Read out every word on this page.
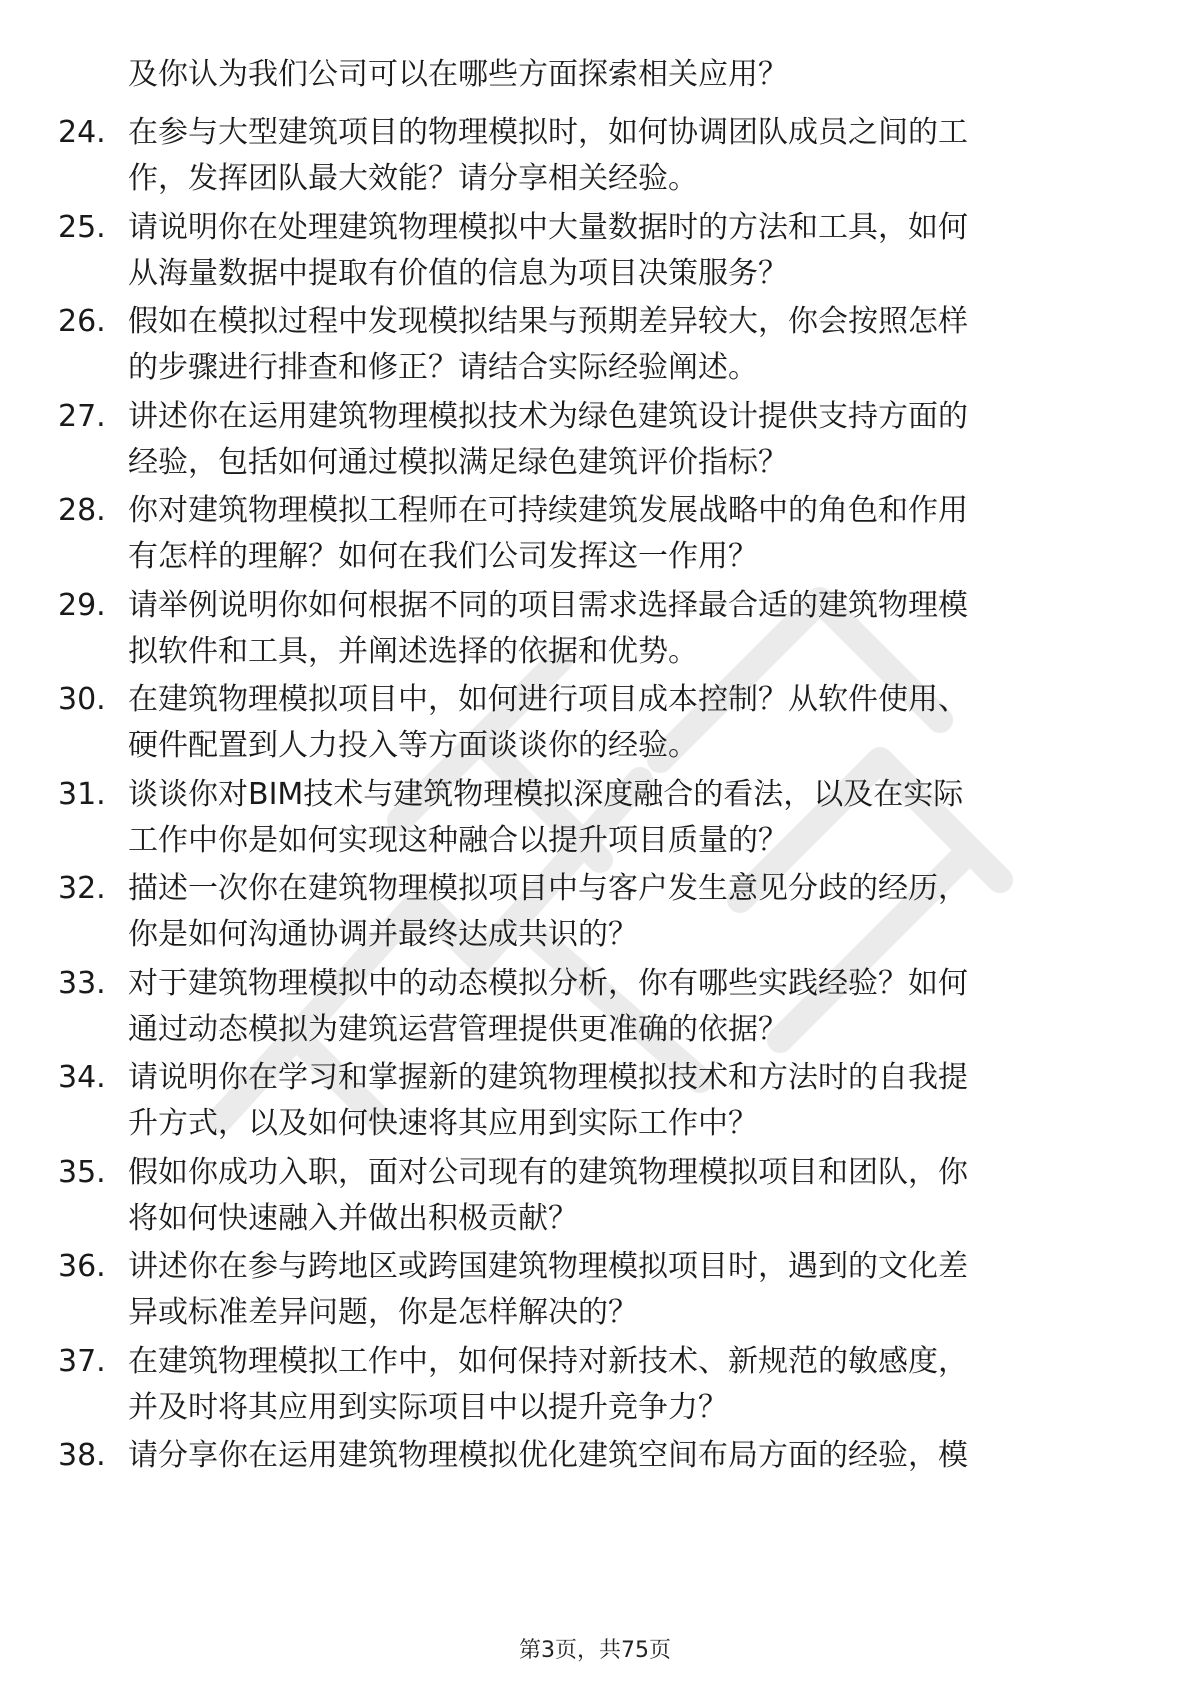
及你认为我们公司可以在哪些方面探索相关应用？
24. 在参与大型建筑项目的物理模拟时，如何协调团队成员之间的工
作，发挥团队最大效能？请分享相关经验。
25. 请说明你在处理建筑物理模拟中大量数据时的方法和工具，如何
从海量数据中提取有价值的信息为项目决策服务？
26. 假如在模拟过程中发现模拟结果与预期差异较大，你会按照怎样
的步骤进行排查和修正？请结合实际经验阐述。
27. 讲述你在运用建筑物理模拟技术为绿色建筑设计提供支持方面的
经验，包括如何通过模拟满足绿色建筑评价指标？
28. 你对建筑物理模拟工程师在可持续建筑发展战略中的角色和作用
有怎样的理解？如何在我们公司发挥这一作用？
29. 请举例说明你如何根据不同的项目需求选择最合适的建筑物理模
拟软件和工具，并阐述选择的依据和优势。
30. 在建筑物理模拟项目中，如何进行项目成本控制？从软件使用、
硬件配置到人力投入等方面谈谈你的经验。
31. 谈谈你对BIM技术与建筑物理模拟深度融合的看法，以及在实际
工作中你是如何实现这种融合以提升项目质量的？
32. 描述一次你在建筑物理模拟项目中与客户发生意见分歧的经历，
你是如何沟通协调并最终达成共识的？
33. 对于建筑物理模拟中的动态模拟分析，你有哪些实践经验？如何
通过动态模拟为建筑运营管理提供更准确的依据？
34. 请说明你在学习和掌握新的建筑物理模拟技术和方法时的自我提
升方式，以及如何快速将其应用到实际工作中？
35. 假如你成功入职，面对公司现有的建筑物理模拟项目和团队，你
将如何快速融入并做出积极贡献？
36. 讲述你在参与跨地区或跨国建筑物理模拟项目时，遇到的文化差
异或标准差异问题，你是怎样解决的？
37. 在建筑物理模拟工作中，如何保持对新技术、新规范的敏感度，
并及时将其应用到实际项目中以提升竞争力？
38. 请分享你在运用建筑物理模拟优化建筑空间布局方面的经验，模
第3页，共75页
